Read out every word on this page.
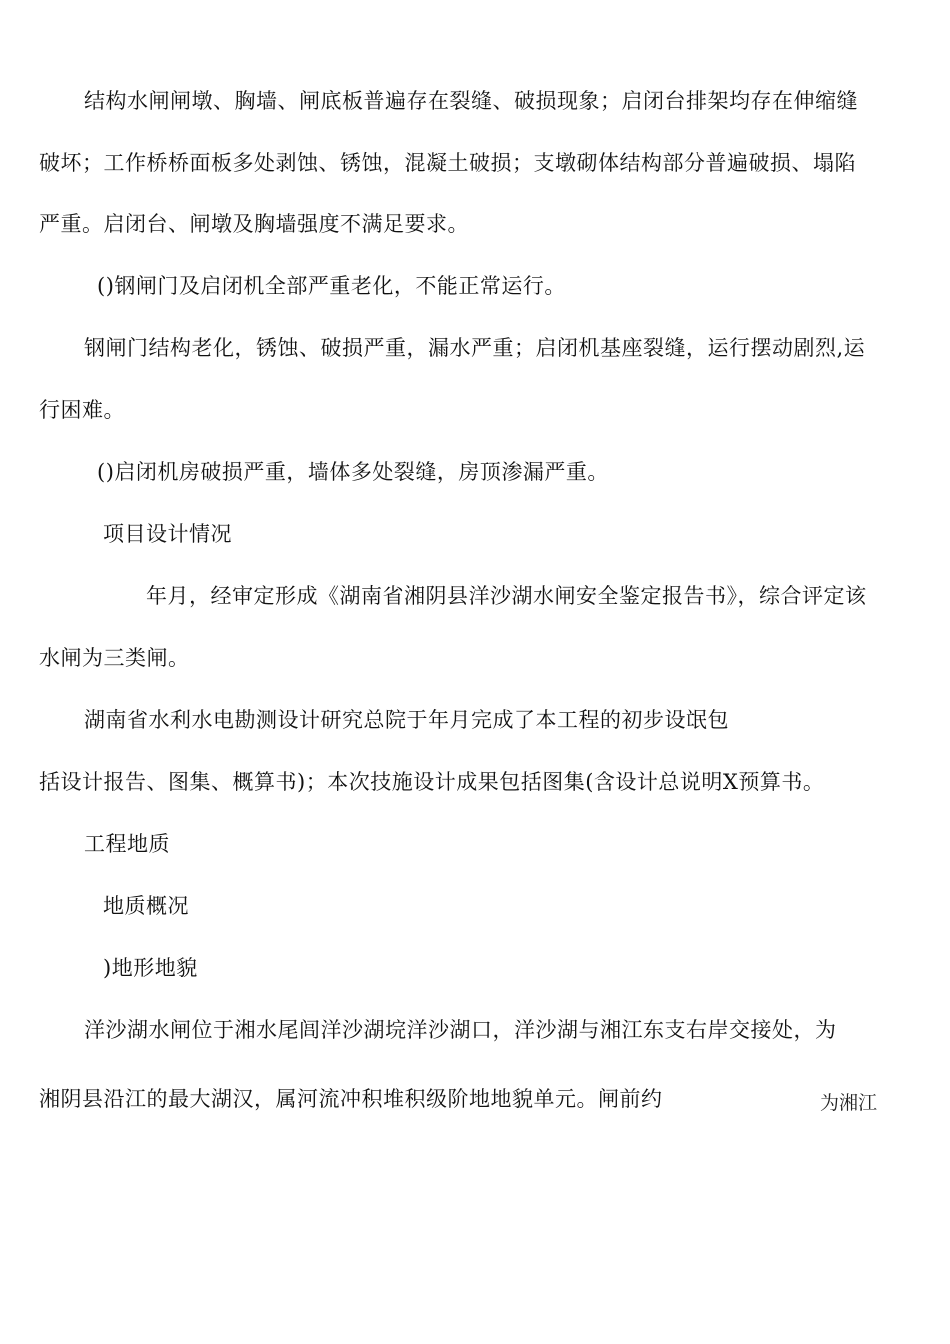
结构水闸闸墩、胸墙、闸底板普遍存在裂缝、破损现象；启闭台排架均存在伸缩缝
破坏；工作桥桥面板多处剥蚀、锈蚀，混凝土破损；支墩砌体结构部分普遍破损、塌陷
严重。启闭台、闸墩及胸墙强度不满足要求。
()钢闸门及启闭机全部严重老化，不能正常运行。
钢闸门结构老化，锈蚀、破损严重，漏水严重；启闭机基座裂缝，运行摆动剧烈,运
行困难。
()启闭机房破损严重，墙体多处裂缝，房顶渗漏严重。
项目设计情况
年月，经审定形成《湖南省湘阴县洋沙湖水闸安全鉴定报告书》，综合评定该
水闸为三类闸。
湖南省水利水电勘测设计研究总院于年月完成了本工程的初步设氓包
括设计报告、图集、概算书)；本次技施设计成果包括图集(含设计总说明X预算书。
工程地质
地质概况
)地形地貌
洋沙湖水闸位于湘水尾闾洋沙湖垸洋沙湖口，洋沙湖与湘江东支右岸交接处，为
湘阴县沿江的最大湖汉，属河流冲积堆积级阶地地貌单元。闸前约	为湘江
